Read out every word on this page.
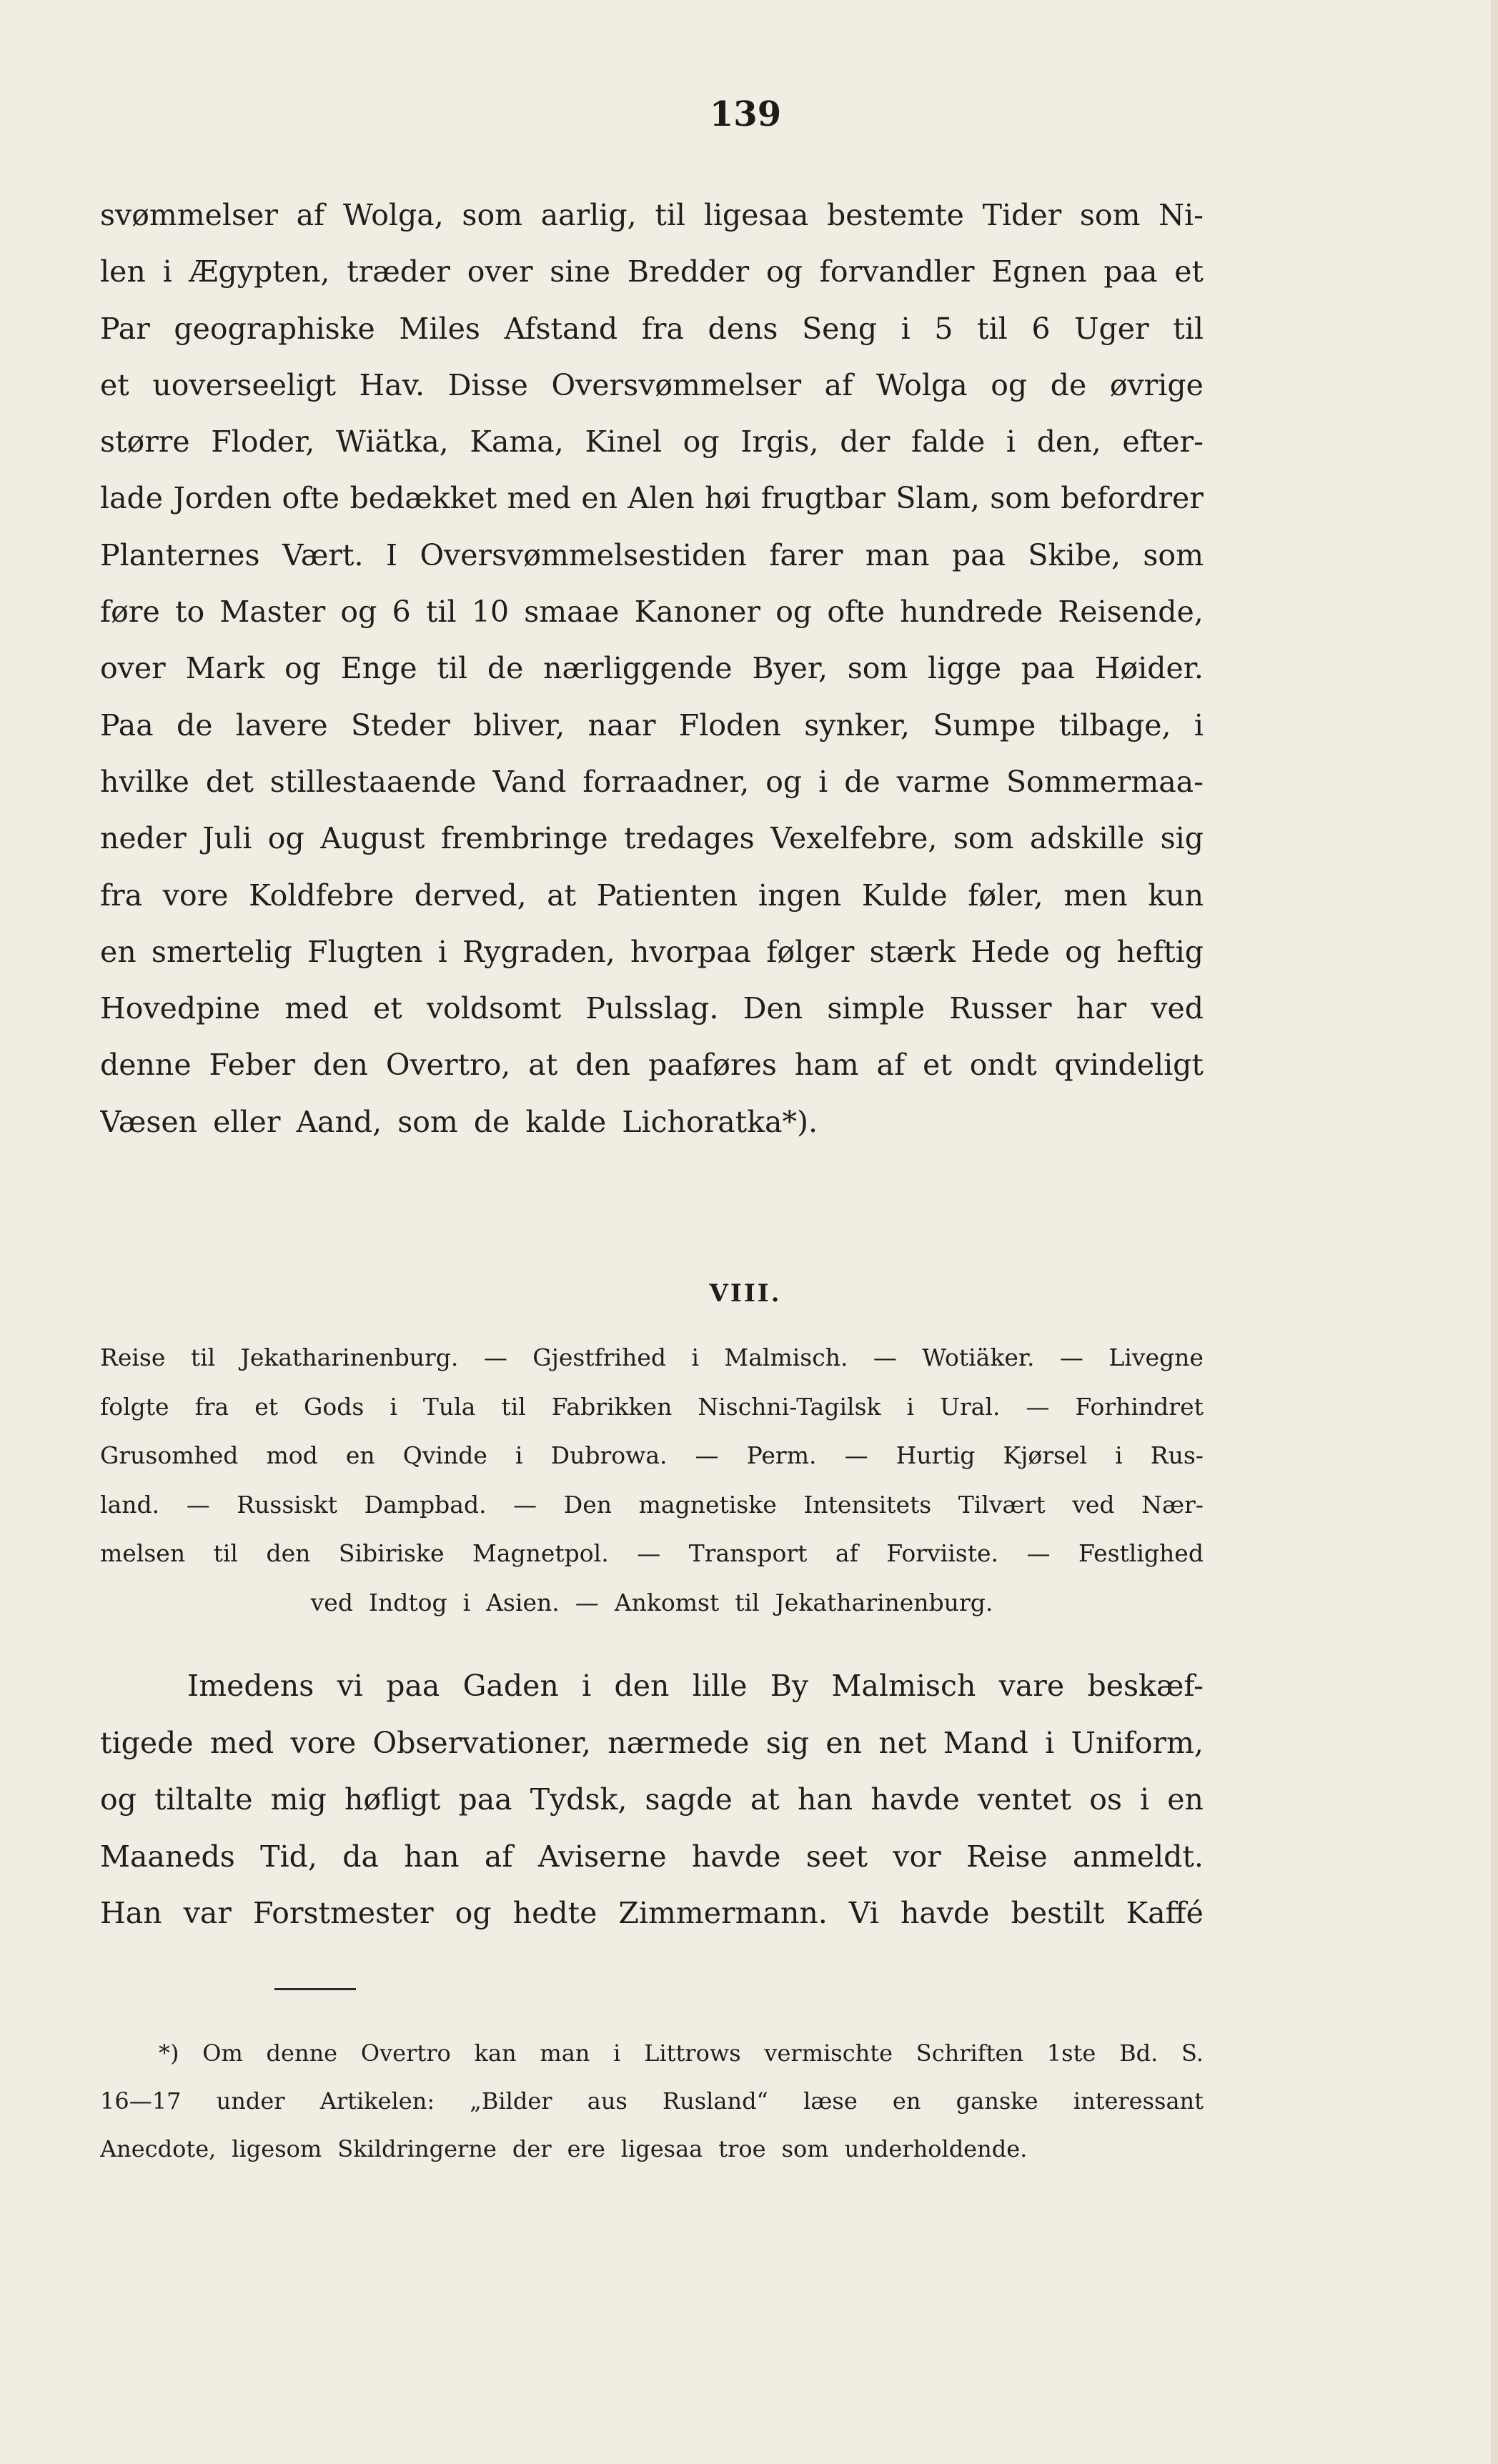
139
svømmelser af Wolga, som aarlig, til ligesaa bestemte Tider som Ni-
len i Ægypten, træder over sine Bredder og forvandler Egnen paa et
Par geographiske Miles Afstand fra dens Seng i 5 til 6 Uger til
et uoverseeligt Hav. Disse Oversvømmelser af Wolga og de øvrige
større Floder, Wiätka, Kama, Kinel og Irgis, der falde i den, efter-
lade Jorden ofte bedækket med en Alen høi frugtbar Slam, som befordrer
Planternes Vært. I Oversvømmelsestiden farer man paa Skibe, som
føre to Master og 6 til 10 smaae Kanoner og ofte hundrede Reisende,
over Mark og Enge til de nærliggende Byer, som ligge paa Høider.
Paa de lavere Steder bliver, naar Floden synker, Sumpe tilbage, i
hvilke det stillestaaende Vand forraadner, og i de varme Sommermaa-
neder Juli og August frembringe tredages Vexelfebre, som adskille sig
fra vore Koldfebre derved, at Patienten ingen Kulde føler, men kun
en smertelig Flugten i Rygraden, hvorpaa følger stærk Hede og heftig
Hovedpine med et voldsomt Pulsslag. Den simple Russer har ved
denne Feber den Overtro, at den paaføres ham af et ondt qvindeligt
Væsen eller Aand, som de kalde Lichoratka*).
VIII.
Reise til Jekatharinenburg. — Gjestfrihed i Malmisch. — Wotiäker. — Livegne
folgte fra et Gods i Tula til Fabrikken Nischni-Tagilsk i Ural. — Forhindret
Grusomhed mod en Qvinde i Dubrowa. — Perm. — Hurtig Kjørsel i Rus-
land. — Russiskt Dampbad. — Den magnetiske Intensitets Tilvært ved Nær-
melsen til den Sibiriske Magnetpol. — Transport af Forviiste. — Festlighed
ved Indtog i Asien. — Ankomst til Jekatharinenburg.
Imedens vi paa Gaden i den lille By Malmisch vare beskæf-
tigede med vore Observationer, nærmede sig en net Mand i Uniform,
og tiltalte mig høfligt paa Tydsk, sagde at han havde ventet os i en
Maaneds Tid, da han af Aviserne havde seet vor Reise anmeldt.
Han var Forstmester og hedte Zimmermann. Vi havde bestilt Kaffé
*) Om denne Overtro kan man i Littrows vermischte Schriften 1ste Bd. S.
16—17 under Artikelen: „Bilder aus Rusland“ læse en ganske interessant
Anecdote, ligesom Skildringerne der ere ligesaa troe som underholdende.
